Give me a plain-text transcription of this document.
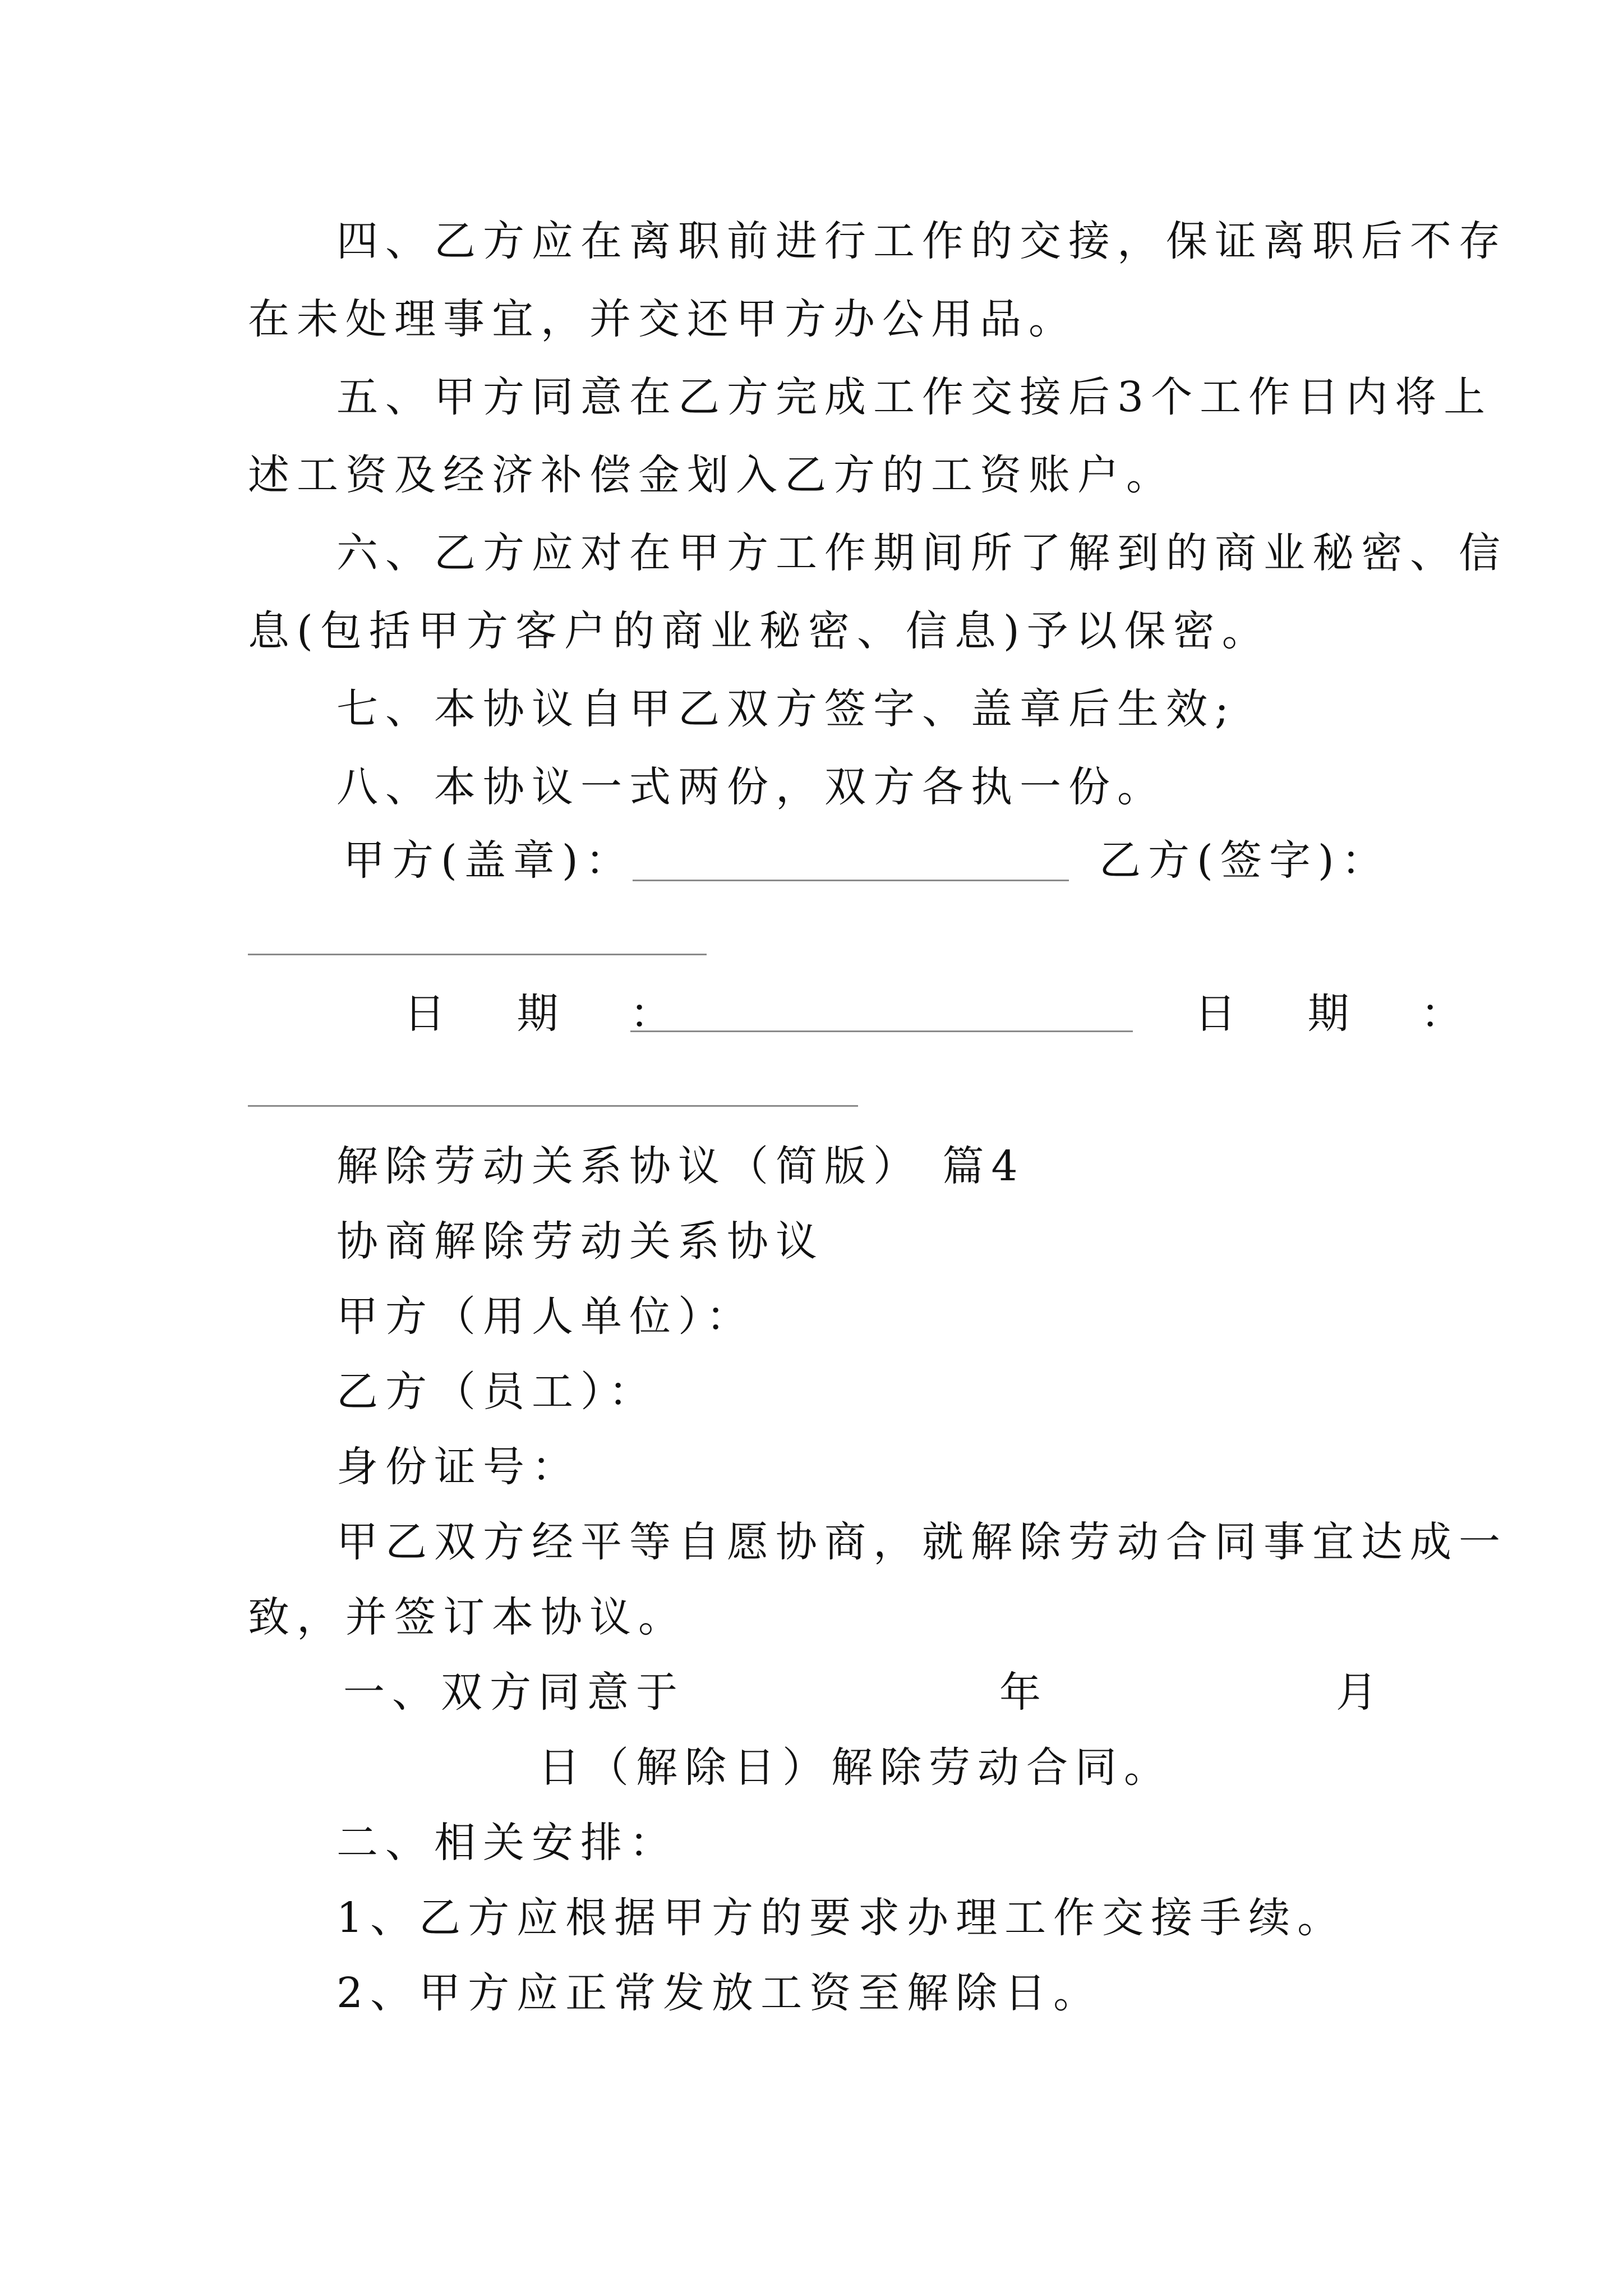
四、乙方应在离职前进行工作的交接，保证离职后不存

在未处理事宜，并交还甲方办公用品。

五、甲方同意在乙方完成工作交接后3个工作日内将上

述工资及经济补偿金划入乙方的工资账户。

六、乙方应对在甲方工作期间所了解到的商业秘密、信

息(包括甲方客户的商业秘密、信息)予以保密。

七、本协议自甲乙双方签字、盖章后生效;

八、本协议一式两份，双方各执一份。

甲方(盖章)：	乙方(签字)：

日 期 ：	日 期 ：

解除劳动关系协议（简版） 篇4

协商解除劳动关系协议

甲方（用人单位）：

乙方（员工）：

身份证号：

甲乙双方经平等自愿协商，就解除劳动合同事宜达成一

致，并签订本协议。

一、双方同意于	年	月

日（解除日）解除劳动合同。

二、相关安排：

1、乙方应根据甲方的要求办理工作交接手续。

2、甲方应正常发放工资至解除日。
